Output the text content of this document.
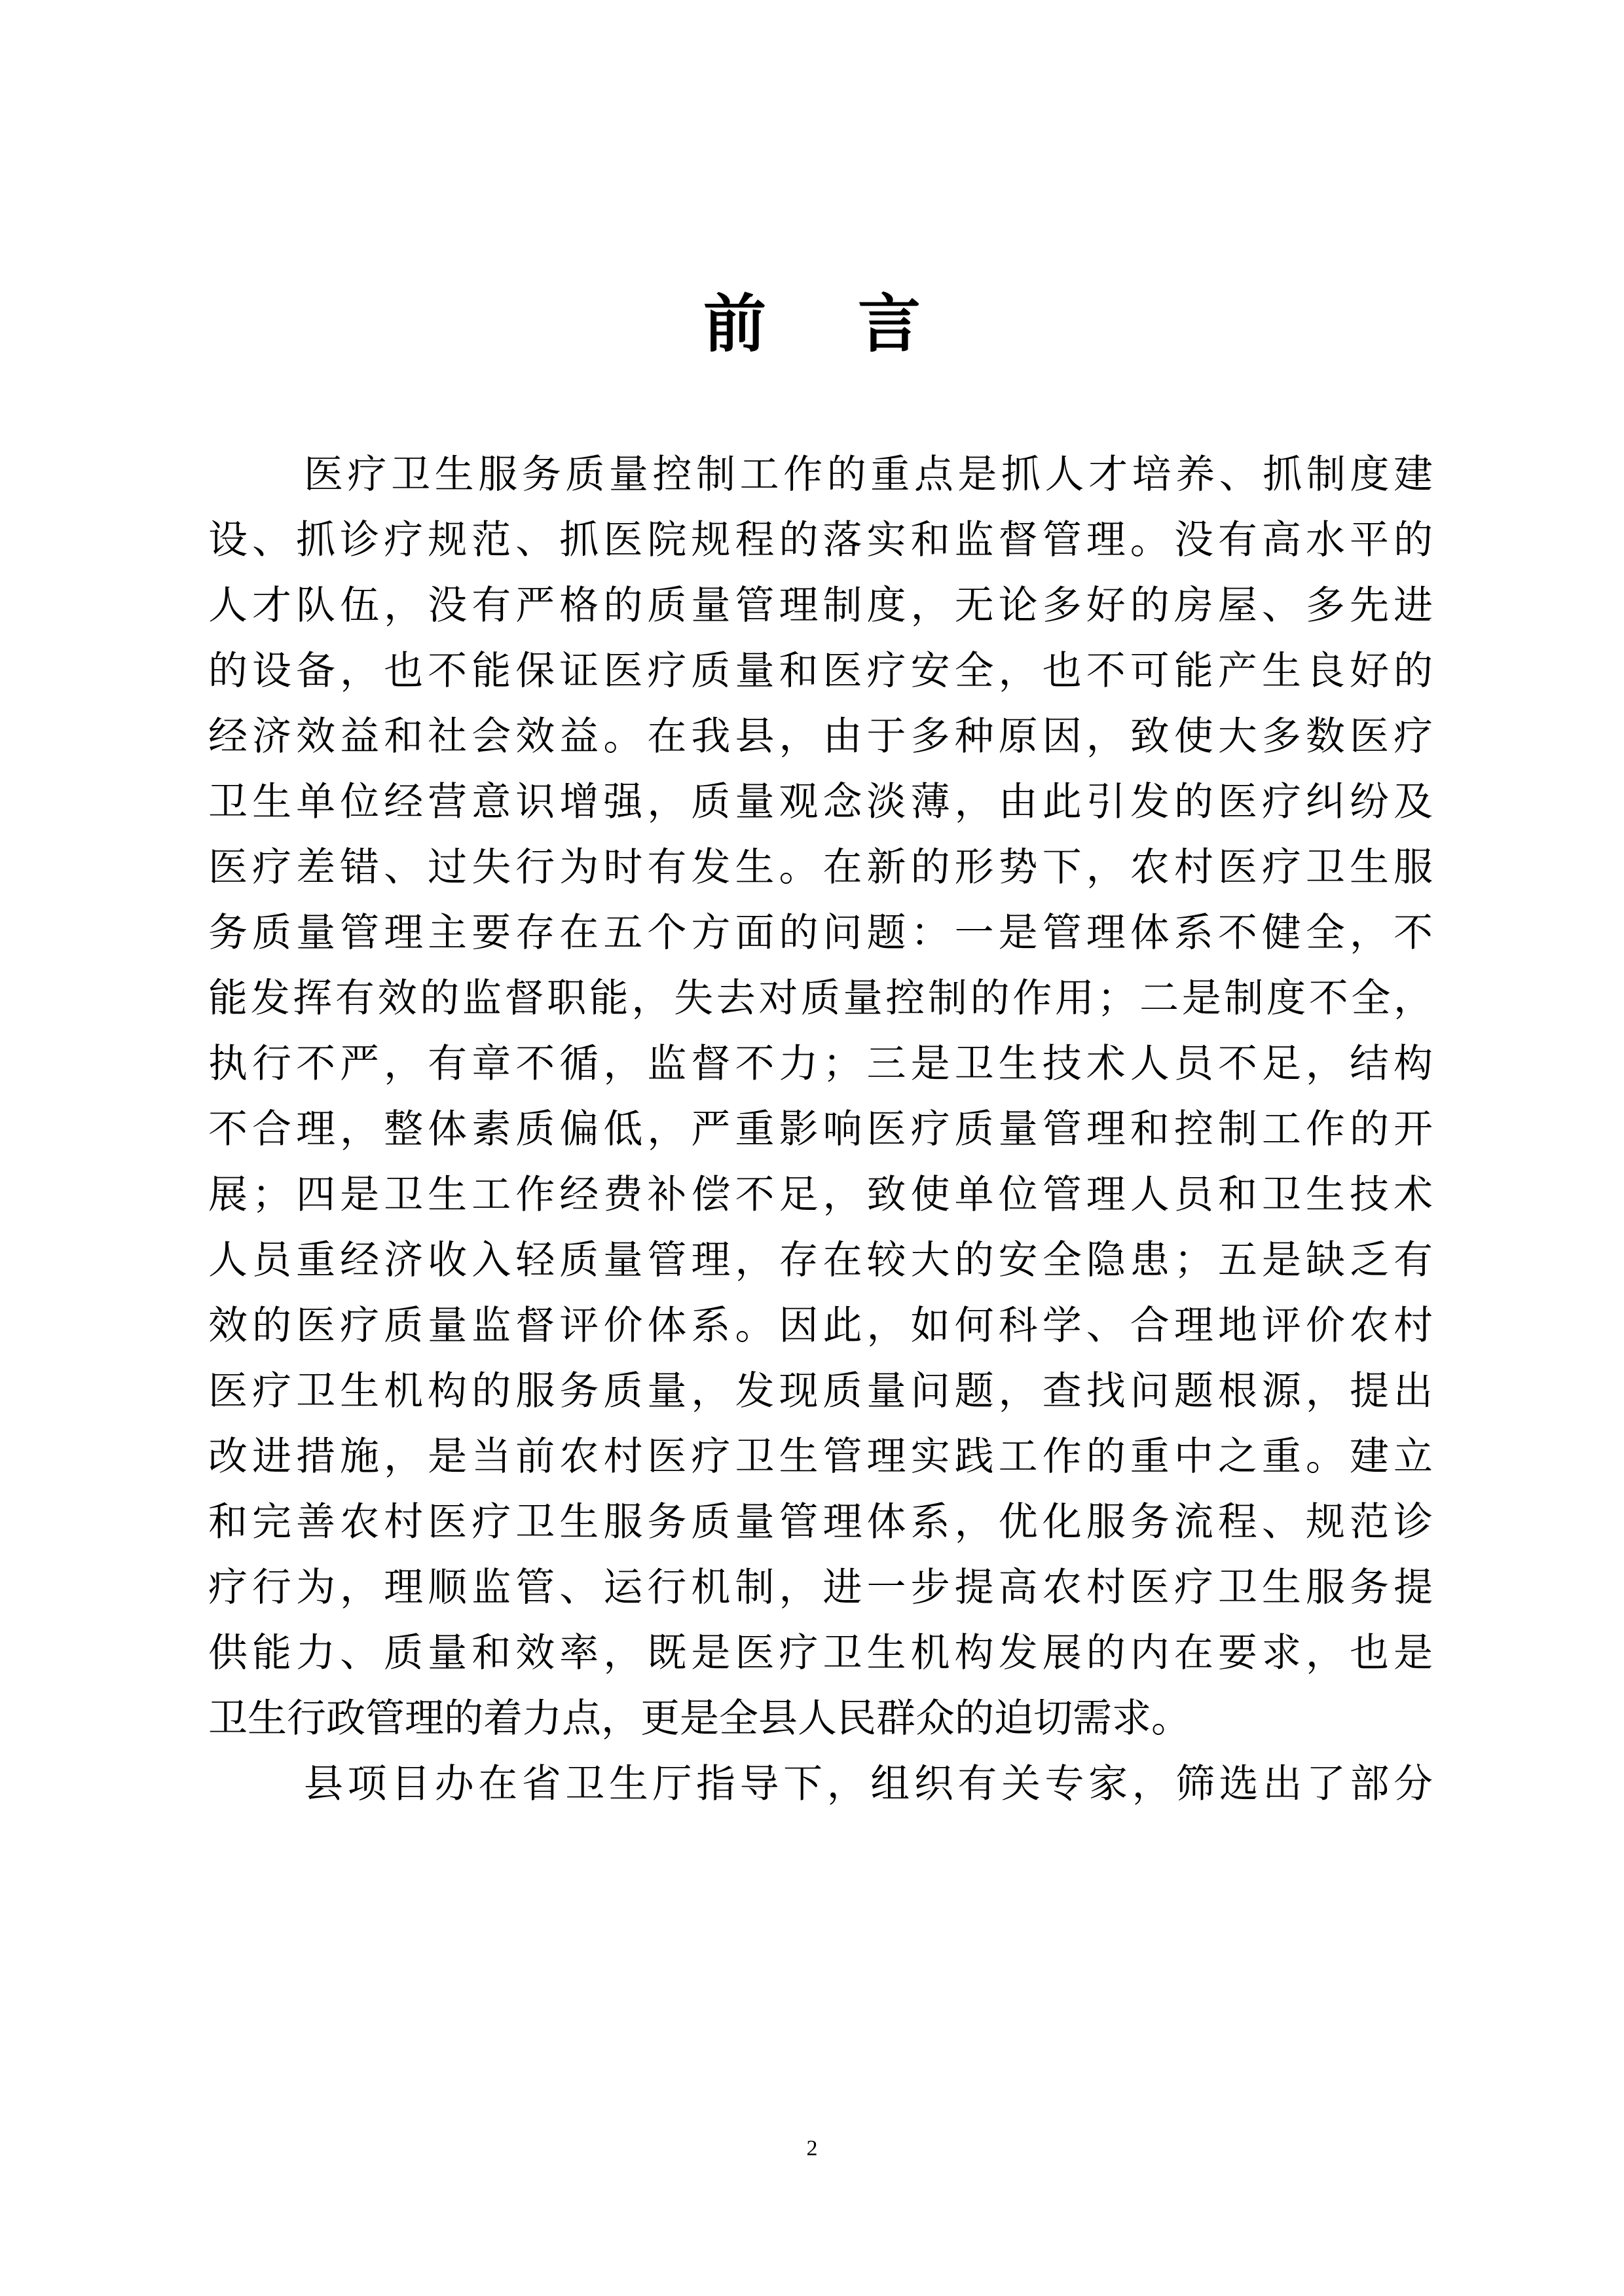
前 言
医疗卫生服务质量控制工作的重点是抓人才培养、抓制度建
设、抓诊疗规范、抓医院规程的落实和监督管理。没有高水平的
人才队伍，没有严格的质量管理制度，无论多好的房屋、多先进
的设备，也不能保证医疗质量和医疗安全，也不可能产生良好的
经济效益和社会效益。在我县，由于多种原因，致使大多数医疗
卫生单位经营意识增强，质量观念淡薄，由此引发的医疗纠纷及
医疗差错、过失行为时有发生。在新的形势下，农村医疗卫生服
务质量管理主要存在五个方面的问题：一是管理体系不健全，不
能发挥有效的监督职能，失去对质量控制的作用；二是制度不全，
执行不严，有章不循，监督不力；三是卫生技术人员不足，结构
不合理，整体素质偏低，严重影响医疗质量管理和控制工作的开
展；四是卫生工作经费补偿不足，致使单位管理人员和卫生技术
人员重经济收入轻质量管理，存在较大的安全隐患；五是缺乏有
效的医疗质量监督评价体系。因此，如何科学、合理地评价农村
医疗卫生机构的服务质量，发现质量问题，查找问题根源，提出
改进措施，是当前农村医疗卫生管理实践工作的重中之重。建立
和完善农村医疗卫生服务质量管理体系，优化服务流程、规范诊
疗行为，理顺监管、运行机制，进一步提高农村医疗卫生服务提
供能力、质量和效率，既是医疗卫生机构发展的内在要求，也是
卫生行政管理的着力点，更是全县人民群众的迫切需求。
县项目办在省卫生厅指导下，组织有关专家，筛选出了部分
2
